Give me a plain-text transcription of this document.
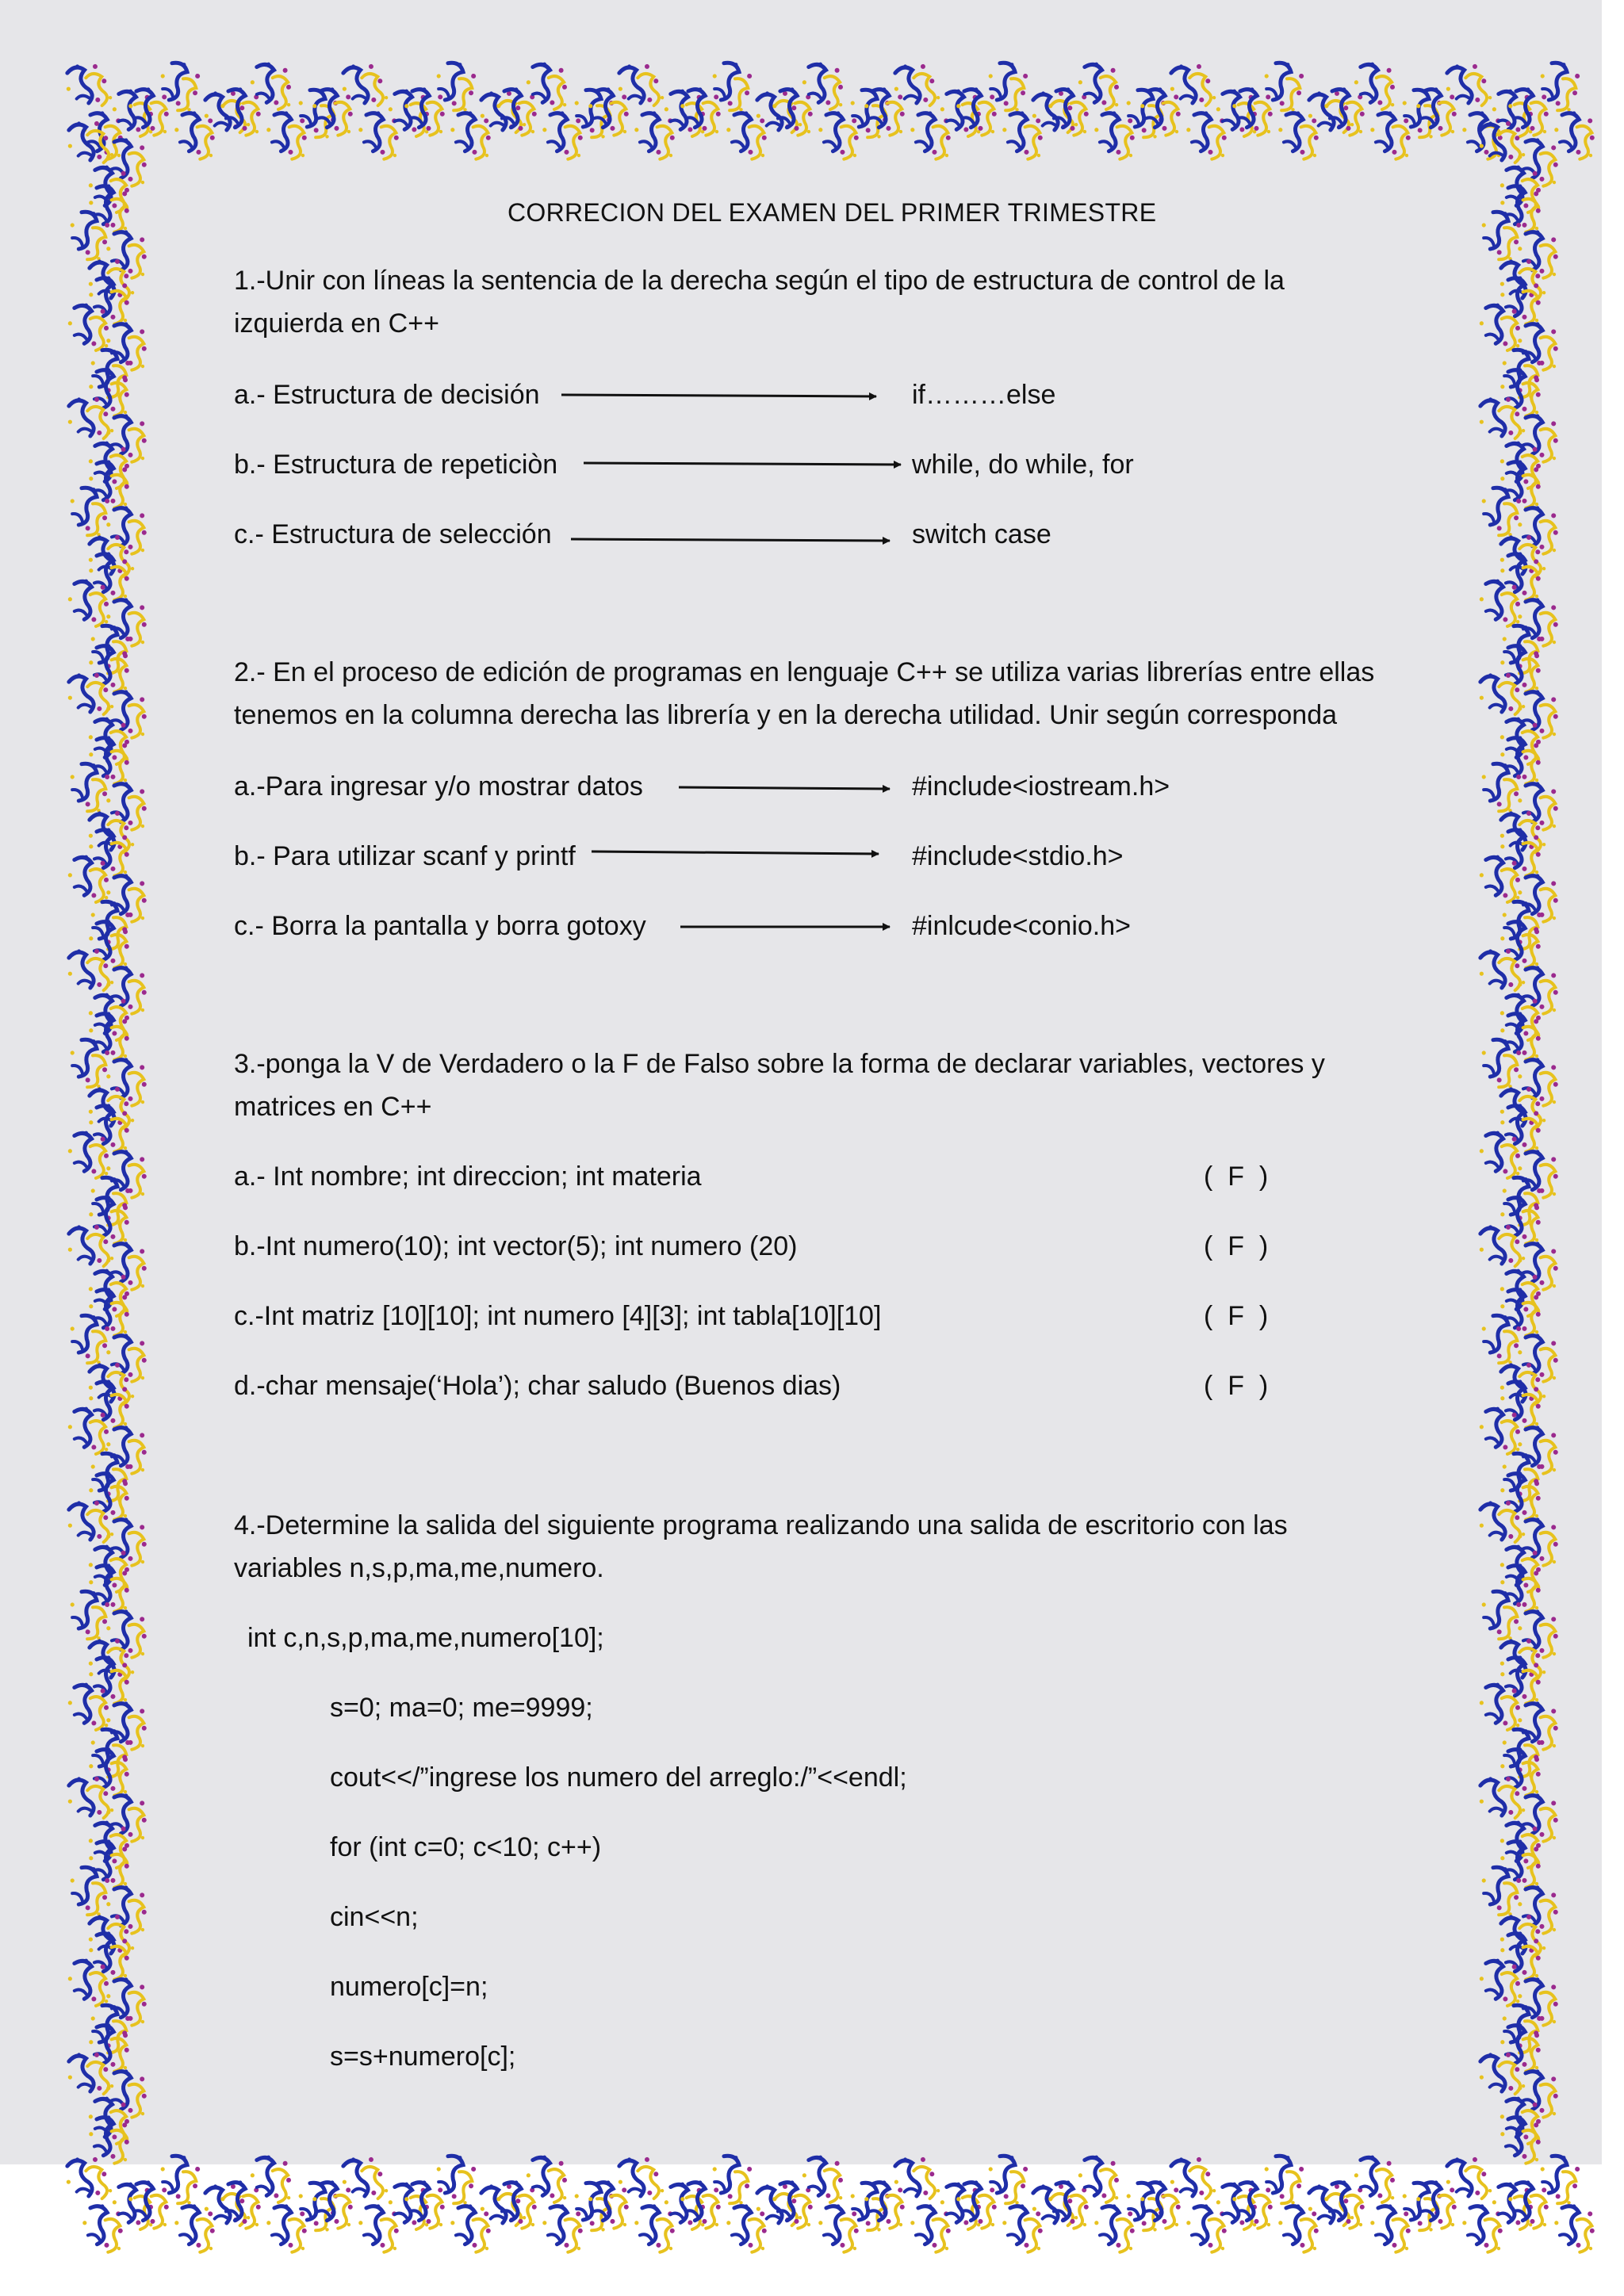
CORRECION DEL EXAMEN DEL PRIMER TRIMESTRE
1.-Unir con líneas la sentencia de la derecha según el tipo de estructura de control de la
izquierda en C++
a.- Estructura de decisión	if………else
b.- Estructura de repeticiòn	while, do while, for
c.- Estructura de selección	switch case
2.- En el proceso de edición de programas en lenguaje C++ se utiliza varias librerías entre ellas
tenemos en la columna derecha las librería y en la derecha utilidad. Unir según corresponda
a.-Para ingresar y/o mostrar datos	#include<iostream.h>
b.- Para utilizar scanf y printf	#include<stdio.h>
c.- Borra la pantalla y borra gotoxy	#inlcude<conio.h>
3.-ponga la V de Verdadero o la F de Falso sobre la forma de declarar variables, vectores y
matrices en C++
a.- Int nombre; int direccion; int materia	(  F  )
b.-Int numero(10); int vector(5); int numero (20)	(  F  )
c.-Int matriz [10][10]; int numero [4][3]; int tabla[10][10]	(  F  )
d.-char mensaje(‘Hola’); char saludo (Buenos dias)	(  F  )
4.-Determine la salida del siguiente programa realizando una salida de escritorio con las
variables n,s,p,ma,me,numero.
int c,n,s,p,ma,me,numero[10];
s=0; ma=0; me=9999;
cout<</”ingrese los numero del arreglo:/”<<endl;
for (int c=0; c<10; c++)
cin<<n;
numero[c]=n;
s=s+numero[c];
